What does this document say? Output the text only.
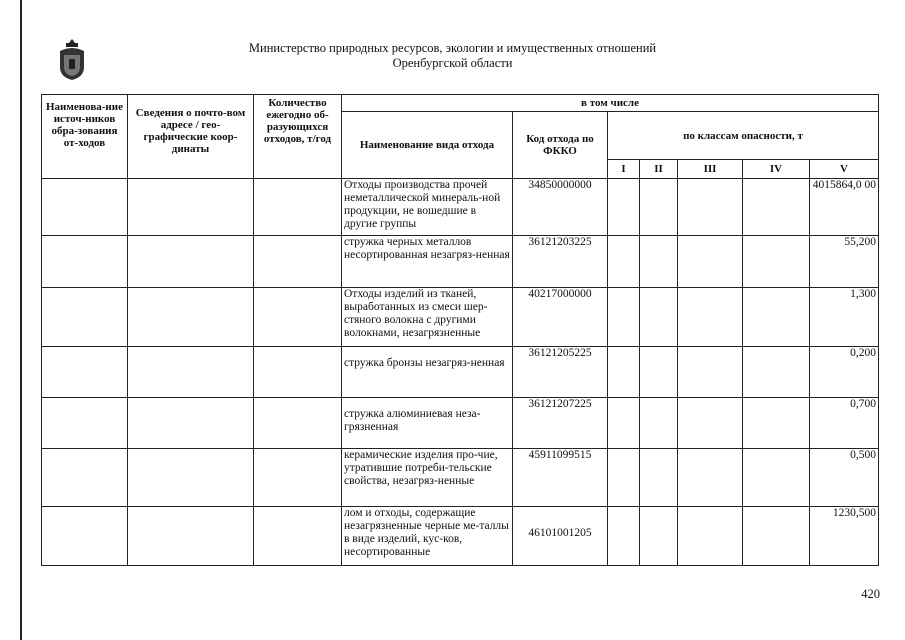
Министерство природных ресурсов, экологии и имущественных отношений
Оренбургской области
Наименова-ние источ-ников обра-зования от-ходов	Сведения о почто-вом адресе / гео-графические коор-динаты	Количество ежегодно об-разующихся отходов, т/год	в том числе						
			Наименование вида отхода	Код отхода по ФККО	по классам опасности, т				
					I	II	III	IV	V
			Отходы производства прочей неметаллической минераль-ной продукции, не вошедшие в другие группы	34850000000					4015864,0 00
			стружка черных металлов несортированная незагряз-ненная	36121203225					55,200
			Отходы изделий из тканей, выработанных из смеси шер-стяного волокна с другими волокнами, незагрязненные	40217000000					1,300
			стружка бронзы незагряз-ненная	36121205225					0,200
			стружка алюминиевая неза-грязненная	36121207225					0,700
			керамические изделия про-чие, утратившие потреби-тельские свойства, незагряз-ненные	45911099515					0,500
			лом и отходы, содержащие незагрязненные черные ме-таллы в виде изделий, кус-ков, несортированные	46101001205					1230,500
420
